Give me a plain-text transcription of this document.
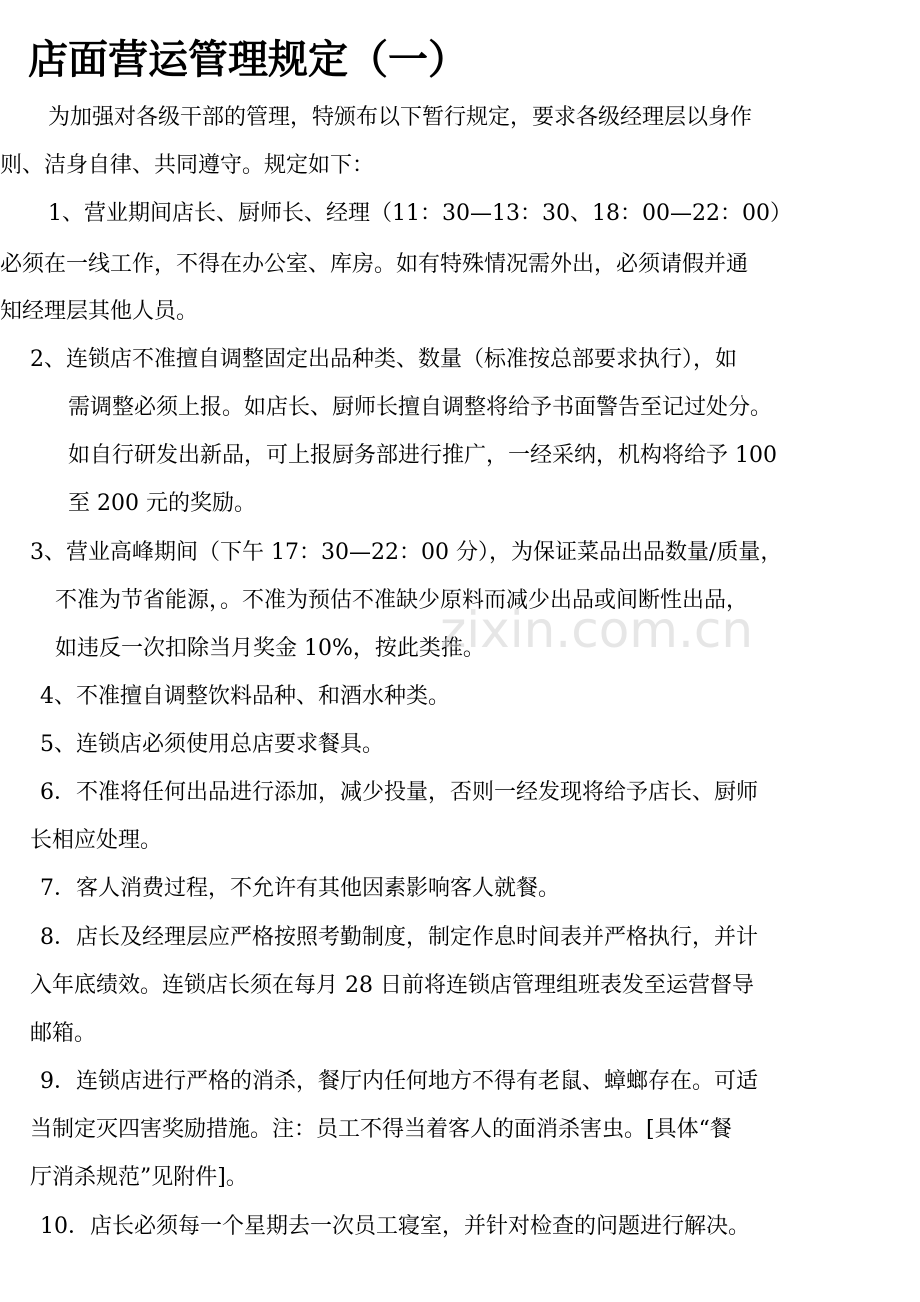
店面营运管理规定（一）
为加强对各级干部的管理，特颁布以下暂行规定，要求各级经理层以身作
则、洁身自律、共同遵守。规定如下：
1、营业期间店长、厨师长、经理（11：30—13：30、18：00—22：00）
必须在一线工作，不得在办公室、库房。如有特殊情况需外出，必须请假并通
知经理层其他人员。
2、连锁店不准擅自调整固定出品种类、数量（标准按总部要求执行），如
需调整必须上报。如店长、厨师长擅自调整将给予书面警告至记过处分。
如自行研发出新品，可上报厨务部进行推广，一经采纳，机构将给予 100
至 200 元的奖励。
3、营业高峰期间（下午 17：30—22：00 分），为保证菜品出品数量/质量，
不准为节省能源，。不准为预估不准缺少原料而减少出品或间断性出品，
如违反一次扣除当月奖金 10%，按此类推。
4、不准擅自调整饮料品种、和酒水种类。
5、连锁店必须使用总店要求餐具。
6．不准将任何出品进行添加，减少投量，否则一经发现将给予店长、厨师
长相应处理。
7．客人消费过程，不允许有其他因素影响客人就餐。
8．店长及经理层应严格按照考勤制度，制定作息时间表并严格执行，并计
入年底绩效。连锁店长须在每月 28 日前将连锁店管理组班表发至运营督导
邮箱。
9．连锁店进行严格的消杀，餐厅内任何地方不得有老鼠、蟑螂存在。可适
当制定灭四害奖励措施。注：员工不得当着客人的面消杀害虫。[具体“餐
厅消杀规范”见附件]。
10．店长必须每一个星期去一次员工寝室，并针对检查的问题进行解决。
zixin.com.cn
